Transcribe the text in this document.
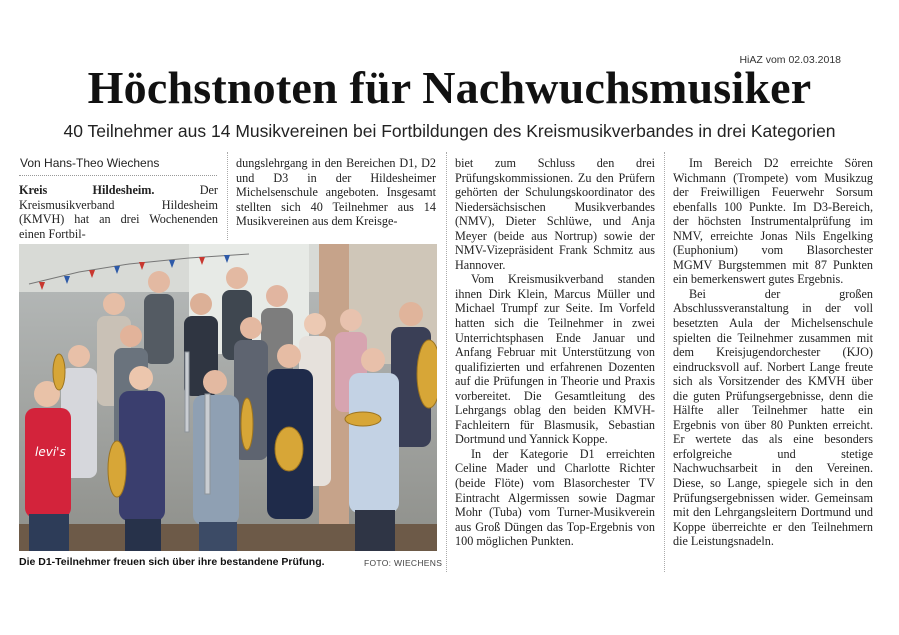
HiAZ vom 02.03.2018
Höchstnoten für Nachwuchsmusiker
40 Teilnehmer aus 14 Musikvereinen bei Fortbildungen des Kreismusikverbandes in drei Kategorien
Von Hans-Theo Wiechens

Kreis Hildesheim. Der Kreismusikverband Hildesheim (KMVH) hat an drei Wochenenden einen Fortbil-

dungslehrgang in den Bereichen D1, D2 und D3 in der Hildesheimer Michelsenschule angeboten. Insgesamt stellten sich 40 Teilnehmer aus 14 Musikvereinen aus dem Kreisge-

levi's
Die D1-Teilnehmer freuen sich über ihre bestandene Prüfung.	FOTO: WIECHENS

biet zum Schluss den drei Prüfungskommissionen. Zu den Prüfern gehörten der Schulungskoordinator des Niedersächsischen Musikverbandes (NMV), Dieter Schlüwe, und Anja Meyer (beide aus Nortrup) sowie der NMV-Vizepräsident Frank Schmitz aus Hannover.

Vom Kreismusikverband standen ihnen Dirk Klein, Marcus Müller und Michael Trumpf zur Seite. Im Vorfeld hatten sich die Teilnehmer in zwei Unterrichtsphasen Ende Januar und Anfang Februar mit Unterstützung von qualifizierten und erfahrenen Dozenten auf die Prüfungen in Theorie und Praxis vorbereitet. Die Gesamtleitung des Lehrgangs oblag den beiden KMVH-Fachleitern für Blasmusik, Sebastian Dortmund und Yannick Koppe.

In der Kategorie D1 erreichten Celine Mader und Charlotte Richter (beide Flöte) vom Blasorchester TV Eintracht Algermissen sowie Dagmar Mohr (Tuba) vom Turner-Musikverein aus Groß Düngen das Top-Ergebnis von 100 möglichen Punkten.

Im Bereich D2 erreichte Sören Wichmann (Trompete) vom Musikzug der Freiwilligen Feuerwehr Sorsum ebenfalls 100 Punkte. Im D3-Bereich, der höchsten Instrumentalprüfung im NMV, erreichte Jonas Nils Engelking (Euphonium) vom Blasorchester MGMV Burgstemmen mit 87 Punkten ein bemerkenswert gutes Ergebnis.

Bei der großen Abschlussveranstaltung in der voll besetzten Aula der Michelsenschule spielten die Teilnehmer zusammen mit dem Kreisjugendorchester (KJO) eindrucksvoll auf. Norbert Lange freute sich als Vorsitzender des KMVH über die guten Prüfungsergebnisse, denn die Hälfte aller Teilnehmer hatte ein Ergebnis von über 80 Punkten erreicht. Er wertete das als eine besonders erfolgreiche und stetige Nachwuchsarbeit in den Vereinen. Diese, so Lange, spiegele sich in den Prüfungsergebnissen wider. Gemeinsam mit den Lehrgangsleitern Dortmund und Koppe überreichte er den Teilnehmern die Leistungsnadeln.
